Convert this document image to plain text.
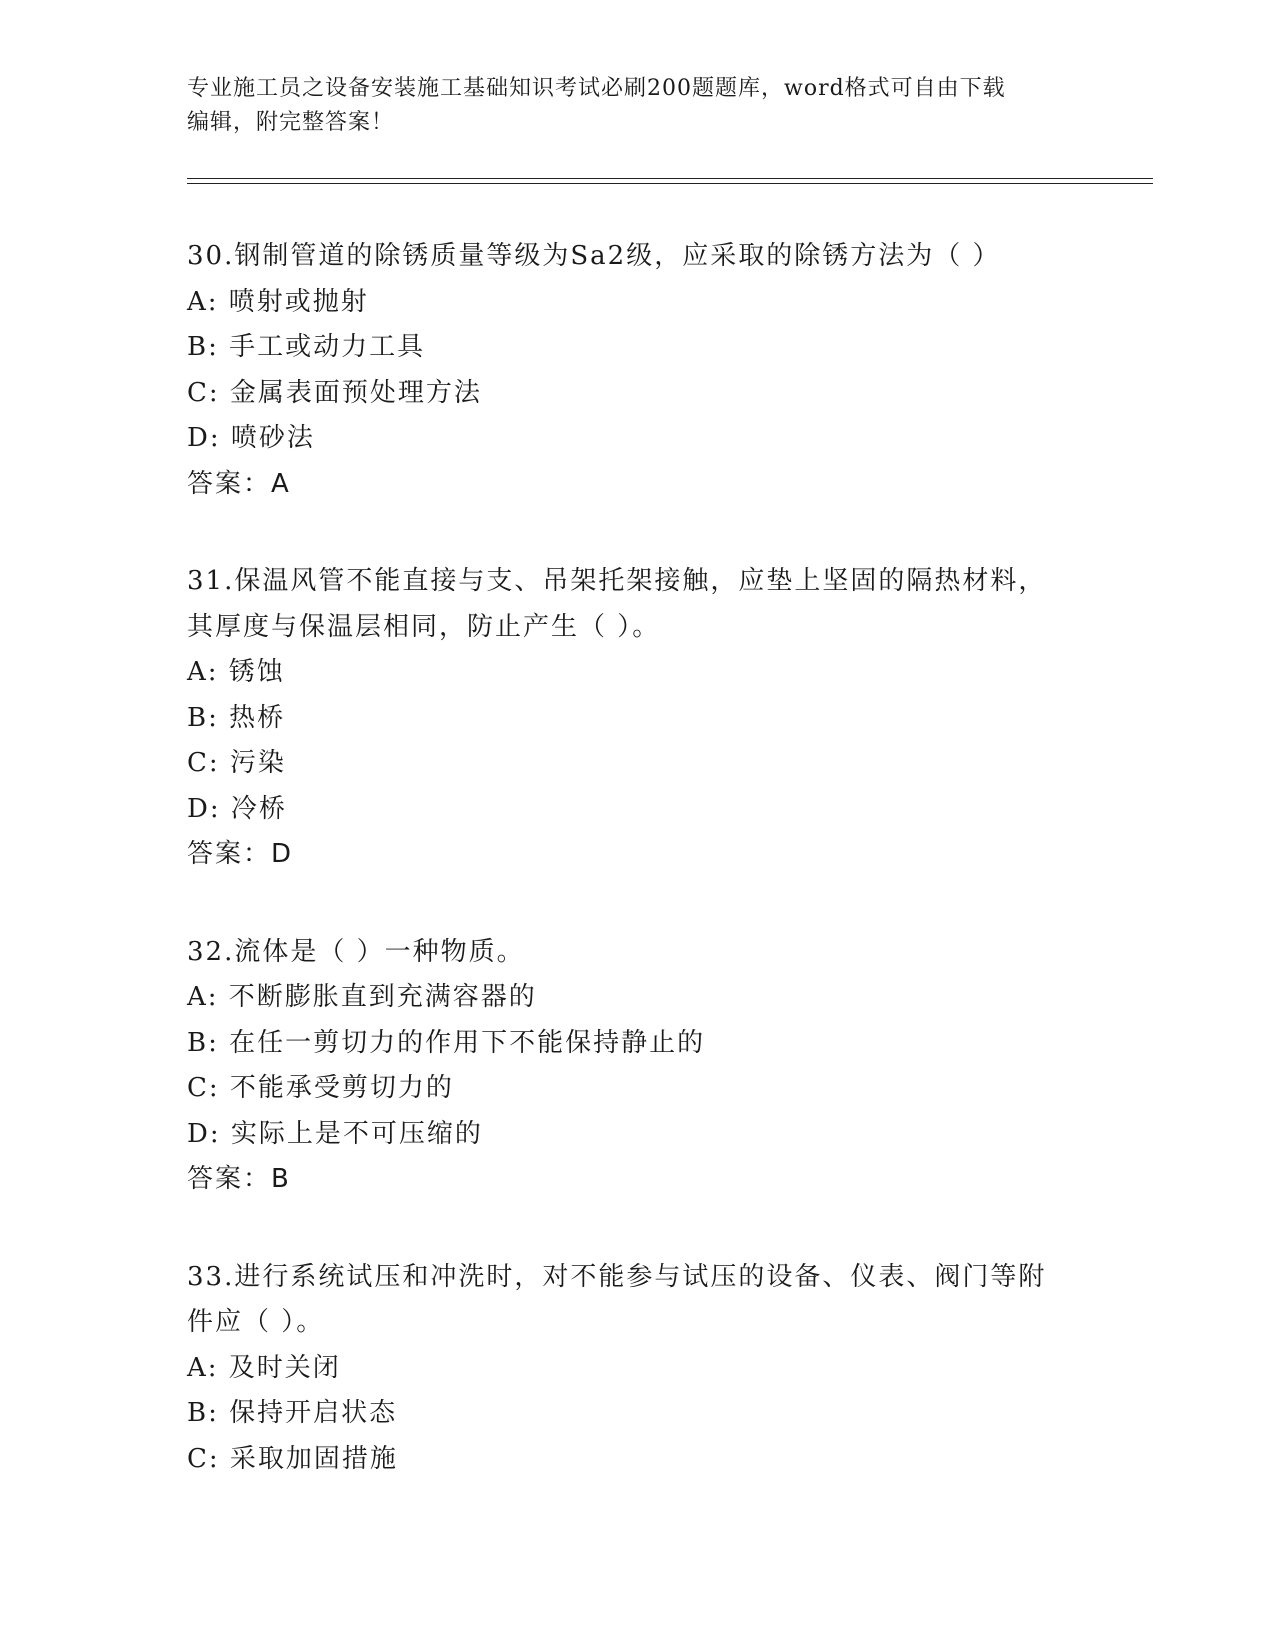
专业施工员之设备安装施工基础知识考试必刷200题题库，word格式可自由下载
编辑，附完整答案！
30.钢制管道的除锈质量等级为Sa2级，应采取的除锈方法为（ ）
A: 喷射或抛射
B: 手工或动力工具
C: 金属表面预处理方法
D: 喷砂法
答案：A
31.保温风管不能直接与支、吊架托架接触，应垫上坚固的隔热材料，
其厚度与保温层相同，防止产生（ ）。
A: 锈蚀
B: 热桥
C: 污染
D: 冷桥
答案：D
32.流体是（ ）一种物质。
A: 不断膨胀直到充满容器的
B: 在任一剪切力的作用下不能保持静止的
C: 不能承受剪切力的
D: 实际上是不可压缩的
答案：B
33.进行系统试压和冲洗时，对不能参与试压的设备、仪表、阀门等附
件应（ ）。
A: 及时关闭
B: 保持开启状态
C: 采取加固措施
